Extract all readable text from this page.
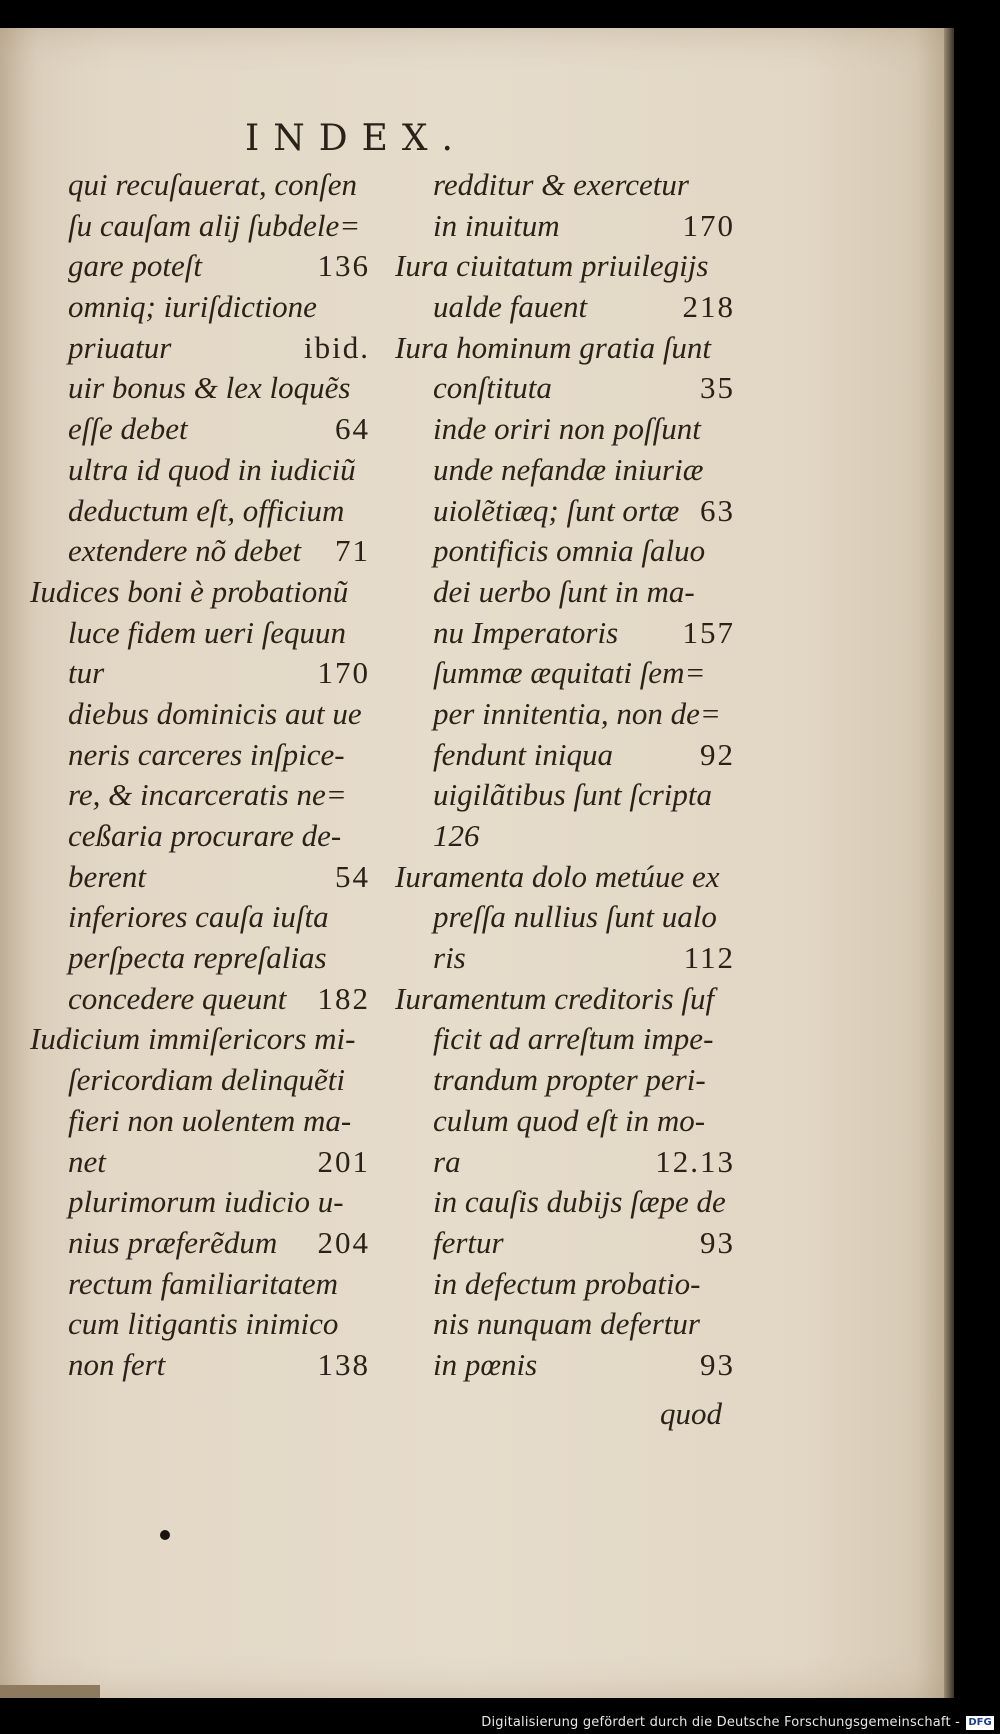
INDEX.
qui recuſauerat, conſen
ſu cauſam alij ſubdele=
gare poteſt	136
omniq; iuriſdictione
priuatur	ibid.
uir bonus & lex loquẽs
eſſe debet	64
ultra id quod in iudiciũ
deductum eſt, officium
extendere nõ debet 71
Iudices boni è probationũ
luce fidem ueri ſequun
tur	170
diebus dominicis aut ue
neris carceres inſpice-
re, & incarceratis ne=
ceßaria procurare de-
berent	54
inferiores cauſa iuſta
perſpecta repreſalias
concedere queunt 182
Iudicium immiſericors mi-
ſericordiam delinquẽti
fieri non uolentem ma-
net	201
plurimorum iudicio u-
nius præferẽdum 204
rectum familiaritatem
cum litigantis inimico
non fert	138
redditur & exercetur
in inuitum	170
Iura ciuitatum priuilegijs
ualde fauent	218
Iura hominum gratia ſunt
conſtituta	35
inde oriri non poſſunt
unde nefandæ iniuriæ
uiolẽtiæq; ſunt ortæ 63
pontificis omnia ſaluo
dei uerbo ſunt in ma-
nu Imperatoris 157
ſummæ æquitati ſem=
per innitentia, non de=
fendunt iniqua	92
uigilãtibus ſunt ſcripta
126
Iuramenta dolo metúue ex
preſſa nullius ſunt ualo
ris	112
Iuramentum creditoris ſuf
ficit ad arreſtum impe-
trandum propter peri-
culum quod eſt in mo-
ra	12.13
in cauſis dubijs ſæpe de
fertur	93
in defectum probatio-
nis nunquam defertur
in pœnis	93
quod
Digitalisierung gefördert durch die Deutsche Forschungsgemeinschaft - DFG
